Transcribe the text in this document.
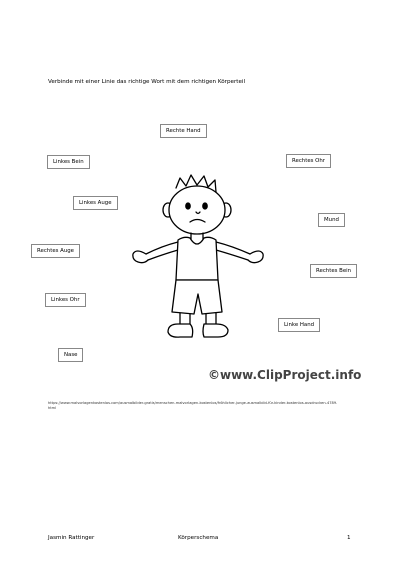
Verbinde mit einer Linie das richtige Wort mit dem richtigen Körperteil
Rechte Hand
Linkes Bein	Rechtes Ohr
Linkes Auge
Mund
Rechtes Auge
Rechtes Bein
Linkes Ohr
Linke Hand
Nase
©www.ClipProject.info
https://www.malvorlagenkostenlos.com/ausmalbilder-gratis/menschen-malvorlagen-kostenlos/fröhlicher-junge-ausmalbild-für-kinder-kostenlos-ausdrucken-4789.html
Jasmin Rattinger	Körperschema	1
